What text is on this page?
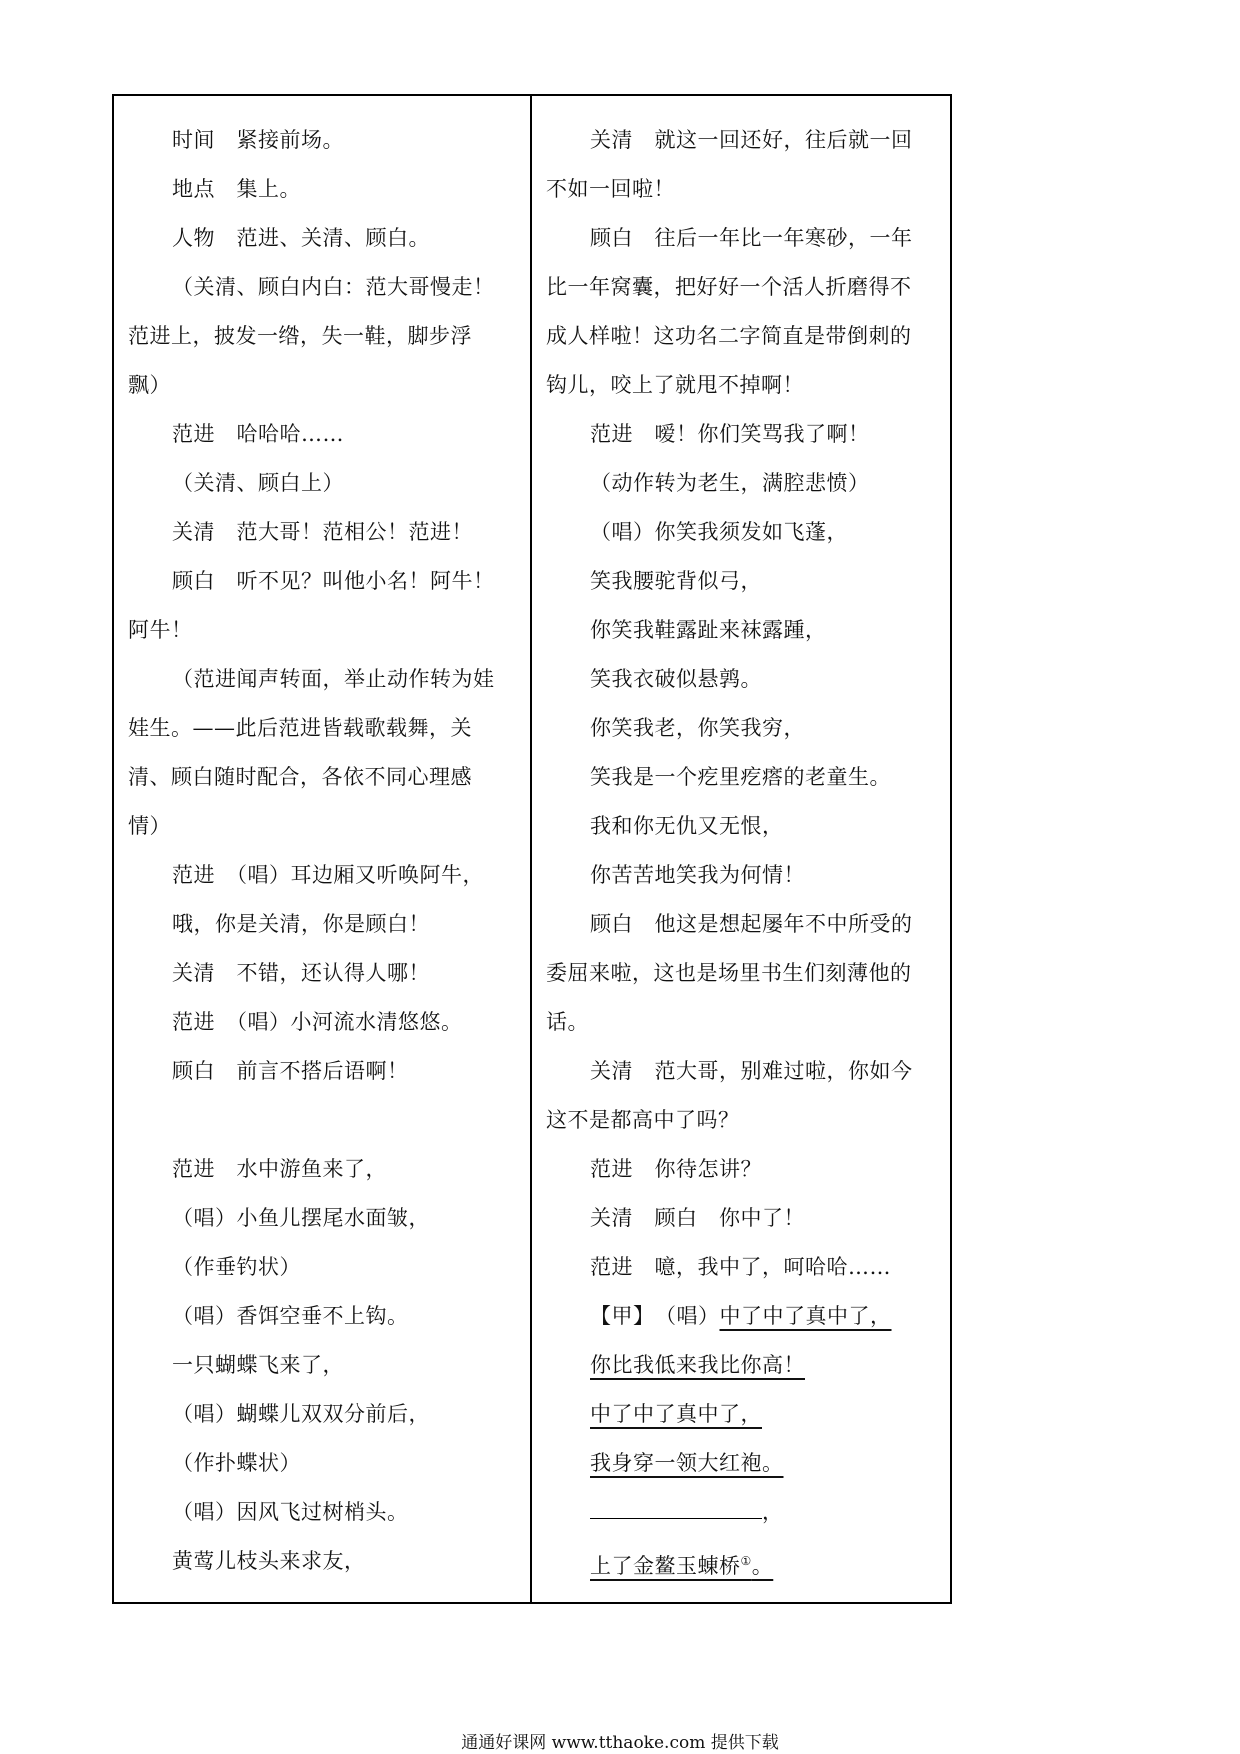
时间　紧接前场。
地点　集上。
人物　范进、关清、顾白。
（关清、顾白内白：范大哥慢走！
范进上，披发一绺，失一鞋，脚步浮
飘）
范进　哈哈哈……
（关清、顾白上）
关清　范大哥！范相公！范进！
顾白　听不见？叫他小名！阿牛！
阿牛！
（范进闻声转面，举止动作转为娃
娃生。——此后范进皆载歌载舞，关
清、顾白随时配合，各依不同心理感
情）
范进　（唱）耳边厢又听唤阿牛，
哦，你是关清，你是顾白！
关清　不错，还认得人哪！
范进　（唱）小河流水清悠悠。
顾白　前言不搭后语啊！
范进　水中游鱼来了，
（唱）小鱼儿摆尾水面皱，
（作垂钓状）
（唱）香饵空垂不上钩。
一只蝴蝶飞来了，
（唱）蝴蝶儿双双分前后，
（作扑蝶状）
（唱）因风飞过树梢头。
黄莺儿枝头来求友，
关清　就这一回还好，往后就一回
不如一回啦！
顾白　往后一年比一年寒砂，一年
比一年窝囊，把好好一个活人折磨得不
成人样啦！这功名二字简直是带倒刺的
钩儿，咬上了就甩不掉啊！
范进　嗳！你们笑骂我了啊！
（动作转为老生，满腔悲愤）
（唱）你笑我须发如飞蓬，
笑我腰驼背似弓，
你笑我鞋露趾来袜露踵，
笑我衣破似悬鹑。
你笑我老，你笑我穷，
笑我是一个疙里疙瘩的老童生。
我和你无仇又无恨，
你苦苦地笑我为何情！
顾白　他这是想起屡年不中所受的
委屈来啦，这也是场里书生们刻薄他的
话。
关清　范大哥，别难过啦，你如今
这不是都高中了吗？
范进　你待怎讲？
关清　顾白　你中了！
范进　噫，我中了，呵哈哈……
【甲】　 （唱）中了中了真中了，
你比我低来我比你高！
中了中了真中了，
我身穿一领大红袍。
，
上了金鳌玉蝀桥①。
通通好课网 www.tthaoke.com 提供下载
